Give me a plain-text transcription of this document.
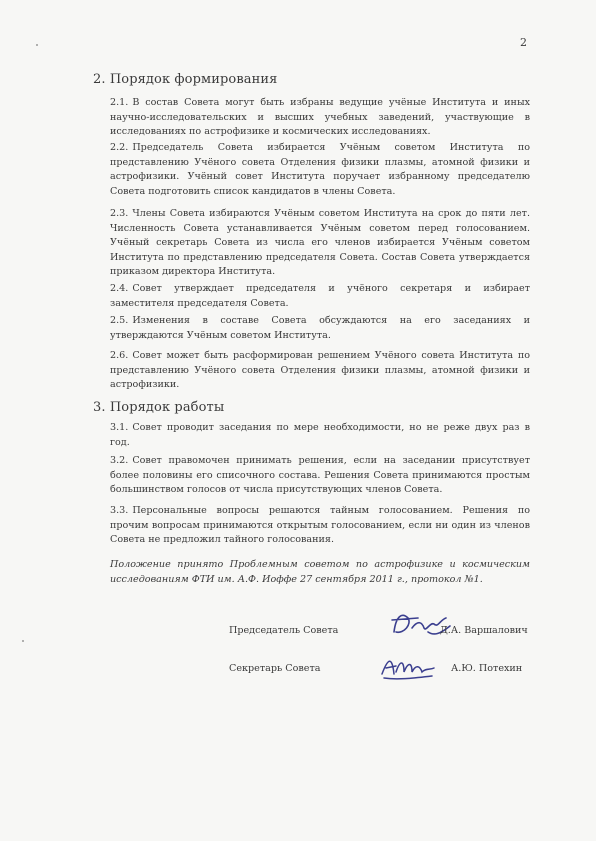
2
2. Порядок формирования
2.1. В состав Совета могут быть избраны ведущие учёные Института и иных научно-исследовательских и высших учебных заведений, участвующие в исследованиях по астрофизике и космических исследованиях.
2.2. Председатель Совета избирается Учёным советом Института по представлению Учёного совета Отделения физики плазмы, атомной физики и астрофизики. Учёный совет Института поручает избранному председателю Совета подготовить список кандидатов в члены Совета.
2.3. Члены Совета избираются Учёным советом Института на срок до пяти лет. Численность Совета устанавливается Учёным советом перед голосованием. Учёный секретарь Совета из числа его членов избирается Учёным советом Института по представлению председателя Совета. Состав Совета утверждается приказом директора Института.
2.4. Совет утверждает председателя и учёного секретаря и избирает заместителя председателя Совета.
2.5. Изменения в составе Совета обсуждаются на его заседаниях и утверждаются Учёным советом Института.
2.6. Совет может быть расформирован решением Учёного совета Института по представлению Учёного совета Отделения физики плазмы, атомной физики и астрофизики.
3. Порядок работы
3.1. Совет проводит заседания по мере необходимости, но не реже двух раз в год.
3.2. Совет правомочен принимать решения, если на заседании присутствует более половины его списочного состава. Решения Совета принимаются простым большинством голосов от числа присутствующих членов Совета.
3.3. Персональные вопросы решаются тайным голосованием. Решения по прочим вопросам принимаются открытым голосованием, если ни один из членов Совета не предложил тайного голосования.
Положение принято Проблемным советом по астрофизике и космическим исследованиям ФТИ им. А.Ф. Иоффе 27 сентября 2011 г., протокол №1.
Председатель Совета	Д.А. Варшалович
Секретарь Совета	А.Ю. Потехин
